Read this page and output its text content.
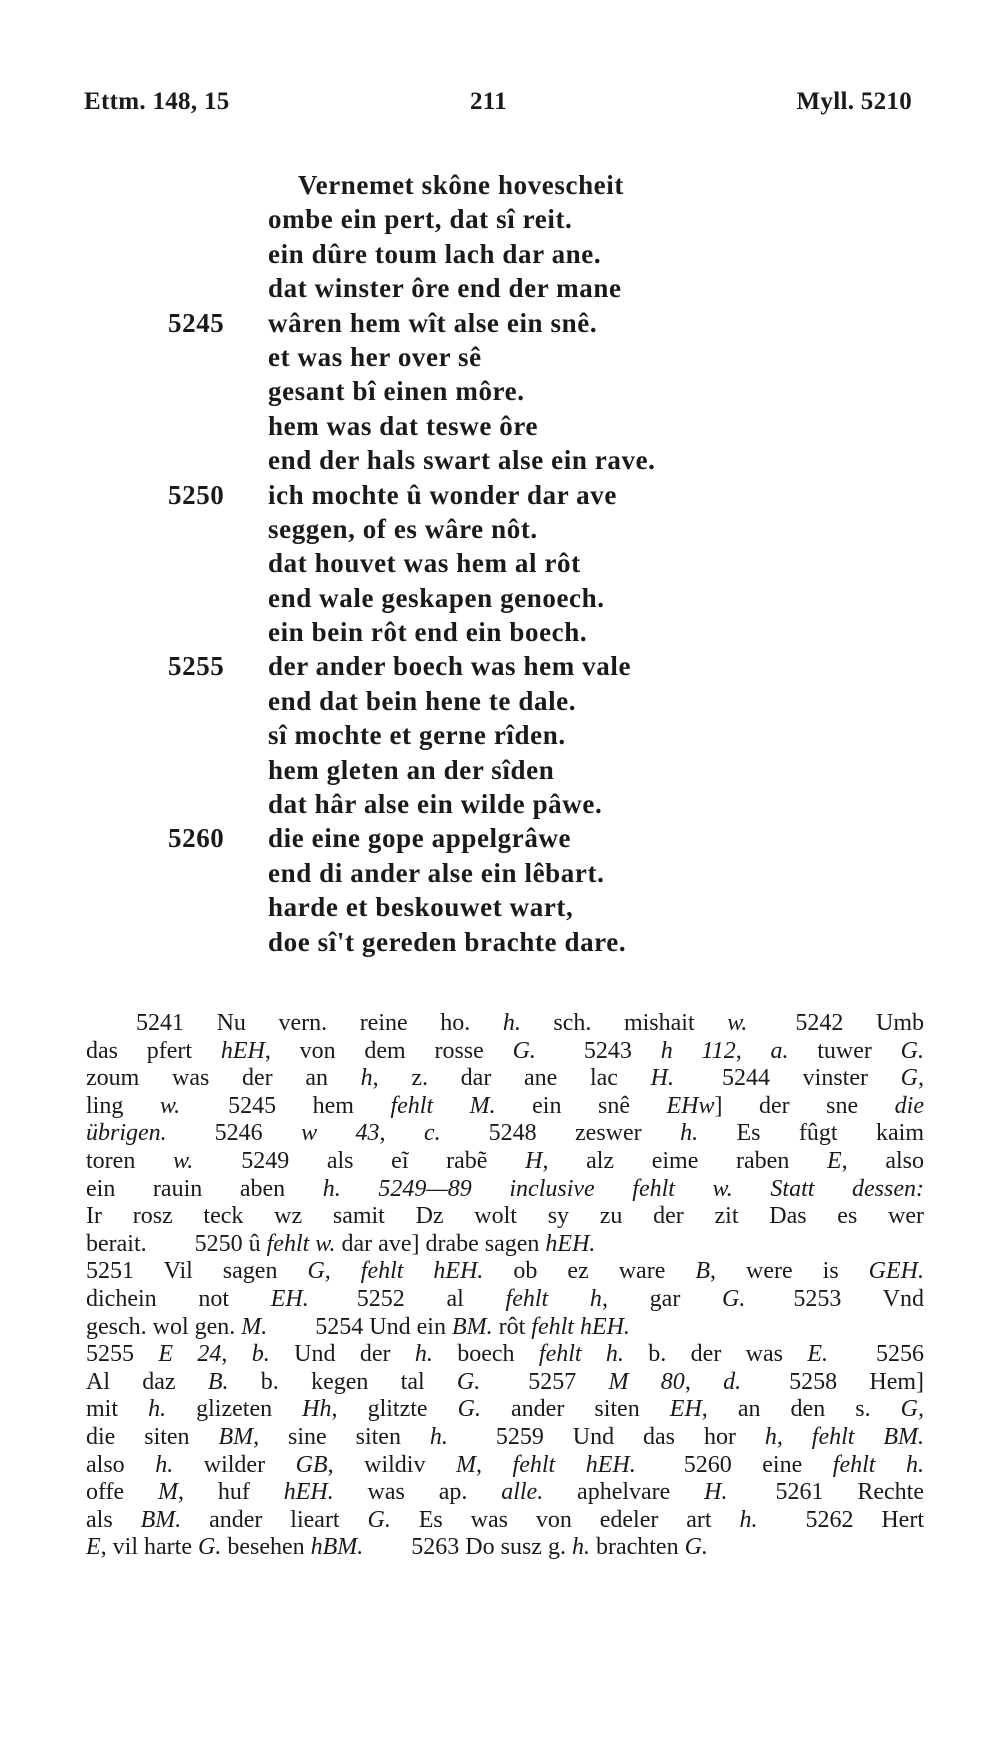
Ettm. 148, 15	211	Myll. 5210
Vernemet skône hovescheit
ombe ein pert, dat sî reit.
ein dûre toum lach dar ane.
dat winster ôre end der mane
5245	wâren hem wît alse ein snê.
et was her over sê
gesant bî einen môre.
hem was dat teswe ôre
end der hals swart alse ein rave.
5250	ich mochte û wonder dar ave
seggen, of es wâre nôt.
dat houvet was hem al rôt
end wale geskapen genoech.
ein bein rôt end ein boech.
5255	der ander boech was hem vale
end dat bein hene te dale.
sî mochte et gerne rîden.
hem gleten an der sîden
dat hâr alse ein wilde pâwe.
5260	die eine gope appelgrâwe
end di ander alse ein lêbart.
harde et beskouwet wart,
doe sî't gereden brachte dare.
5241 Nu vern. reine ho. h. sch. mishait w.  5242 Umb
das pfert hEH, von dem rosse G.  5243 h 112, a. tuwer G.
zoum was der an h, z. dar ane lac H.  5244 vinster G,
ling w.  5245 hem fehlt M. ein snê EHw] der sne die
übrigen.  5246 w 43, c.  5248 zeswer h. Es fûgt kaim
toren w.  5249 als eĩ rabẽ H, alz eime raben E, also
ein rauin aben h. 5249—89 inclusive fehlt w. Statt dessen:
Ir rosz teck wz samit Dz wolt sy zu der zit Das es wer
berait.  5250 û fehlt w. dar ave] drabe sagen hEH.
5251 Vil sagen G, fehlt hEH. ob ez ware B, were is GEH.
dichein not EH.  5252 al fehlt h, gar G.  5253 Vnd
gesch. wol gen. M.  5254 Und ein BM. rôt fehlt hEH.
5255 E 24, b. Und der h. boech fehlt h. b. der was E.  5256
Al daz B. b. kegen tal G.  5257 M 80, d.  5258 Hem]
mit h. glizeten Hh, glitzte G. ander siten EH, an den s. G,
die siten BM, sine siten h.  5259 Und das hor h, fehlt BM.
also h. wilder GB, wildiv M, fehlt hEH.  5260 eine fehlt h.
offe M, huf hEH. was ap. alle. aphelvare H.  5261 Rechte
als BM. ander lieart G. Es was von edeler art h.  5262 Hert
E, vil harte G. besehen hBM.  5263 Do susz g. h. brachten G.
